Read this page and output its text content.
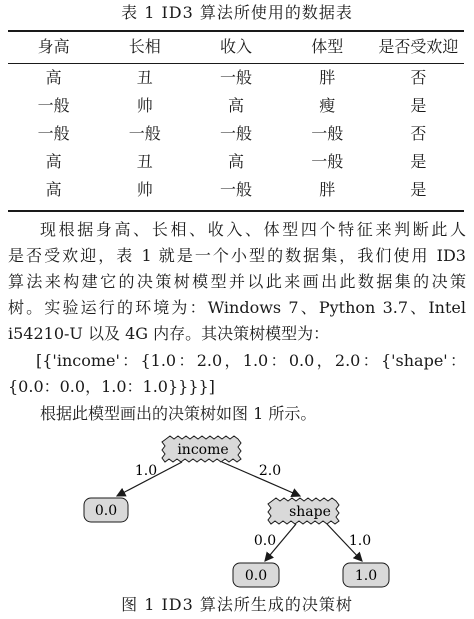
表 1 ID3 算法所使用的数据表
身高	长相	收入	体型	是否受欢迎
高	丑	一般	胖	否
一般	帅	高	瘦	是
一般	一般	一般	一般	否
高	丑	高	一般	是
高	帅	一般	胖	是
现根据身高、长相、收入、体型四个特征来判断此人
是否受欢迎，表 1 就是一个小型的数据集，我们使用 ID3
算法来构建它的决策树模型并以此来画出此数据集的决策
树。实验运行的环境为：Windows 7、Python 3.7、Intel
i54210-U 以及 4G 内存。其决策树模型为：
[{'income'：{1.0：2.0，1.0：0.0，2.0：{'shape'：
{0.0：0.0，1.0：1.0}}}}]
根据此模型画出的决策树如图 1 所示。
1.0	2.0
0.0	1.0
income
0.0	shape
0.0	1.0
图 1 ID3 算法所生成的决策树
